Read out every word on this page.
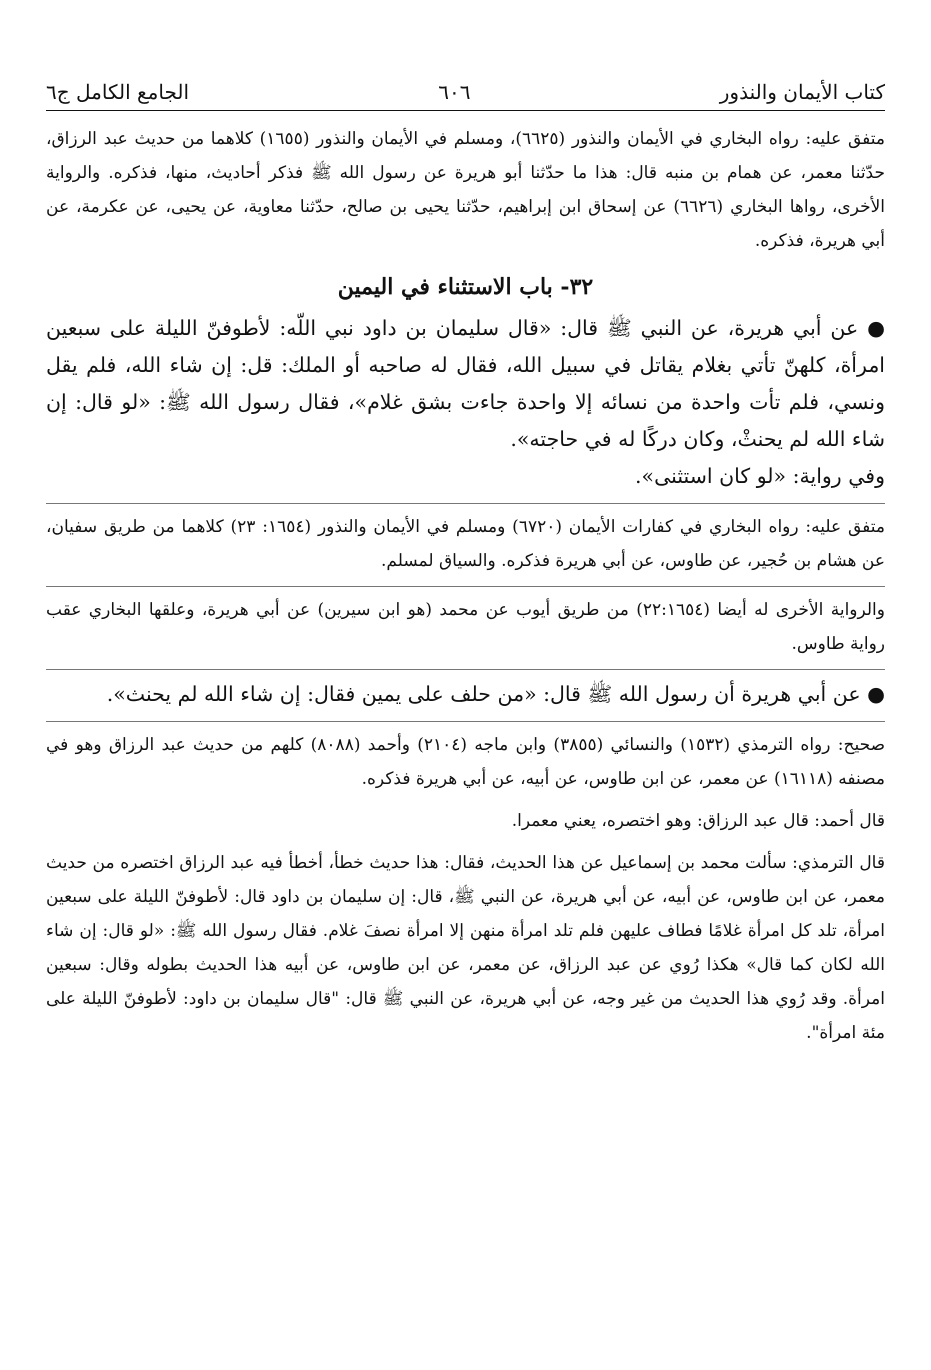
كتاب الأيمان والنذور
٦٠٦
الجامع الكامل ج٦

متفق عليه: رواه البخاري في الأيمان والنذور (٦٦٢٥)، ومسلم في الأيمان والنذور (١٦٥٥) كلاهما من حديث عبد الرزاق، حدّثنا معمر، عن همام بن منبه قال: هذا ما حدّثنا أبو هريرة عن رسول الله ﷺ فذكر أحاديث، منها، فذكره. والرواية الأخرى، رواها البخاري (٦٦٢٦) عن إسحاق ابن إبراهيم، حدّثنا يحيى بن صالح، حدّثنا معاوية، عن يحيى، عن عكرمة، عن أبي هريرة، فذكره.

٣٢- باب الاستثناء في اليمين

● عن أبي هريرة، عن النبي ﷺ قال: «قال سليمان بن داود نبي اللّه: لأطوفنّ الليلة على سبعين امرأة، كلهنّ تأتي بغلام يقاتل في سبيل الله، فقال له صاحبه أو الملك: قل: إن شاء الله، فلم يقل ونسي، فلم تأت واحدة من نسائه إلا واحدة جاءت بشق غلام»، فقال رسول الله ﷺ: «لو قال: إن شاء الله لم يحنثْ، وكان دركًا له في حاجته».

وفي رواية: «لو كان استثنى».

متفق عليه: رواه البخاري في كفارات الأيمان (٦٧٢٠) ومسلم في الأيمان والنذور (١٦٥٤: ٢٣) كلاهما من طريق سفيان، عن هشام بن حُجير، عن طاوس، عن أبي هريرة فذكره. والسياق لمسلم.

والرواية الأخرى له أيضا (٢٢:١٦٥٤) من طريق أيوب عن محمد (هو ابن سيرين) عن أبي هريرة، وعلقها البخاري عقب رواية طاوس.

● عن أبي هريرة أن رسول الله ﷺ قال: «من حلف على يمين فقال: إن شاء الله لم يحنث».

صحيح: رواه الترمذي (١٥٣٢) والنسائي (٣٨٥٥) وابن ماجه (٢١٠٤) وأحمد (٨٠٨٨) كلهم من حديث عبد الرزاق وهو في مصنفه (١٦١١٨) عن معمر، عن ابن طاوس، عن أبيه، عن أبي هريرة فذكره.

قال أحمد: قال عبد الرزاق: وهو اختصره، يعني معمرا.

قال الترمذي: سألت محمد بن إسماعيل عن هذا الحديث، فقال: هذا حديث خطأ، أخطأ فيه عبد الرزاق اختصره من حديث معمر، عن ابن طاوس، عن أبيه، عن أبي هريرة، عن النبي ﷺ، قال: إن سليمان بن داود قال: لأطوفنّ الليلة على سبعين امرأة، تلد كل امرأة غلامًا فطاف عليهن فلم تلد امرأة منهن إلا امرأة نصفَ غلام. فقال رسول الله ﷺ: «لو قال: إن شاء الله لكان كما قال» هكذا رُوي عن عبد الرزاق، عن معمر، عن ابن طاوس، عن أبيه هذا الحديث بطوله وقال: سبعين امرأة. وقد رُوي هذا الحديث من غير وجه، عن أبي هريرة، عن النبي ﷺ قال: "قال سليمان بن داود: لأطوفنّ الليلة على مئة امرأة".
